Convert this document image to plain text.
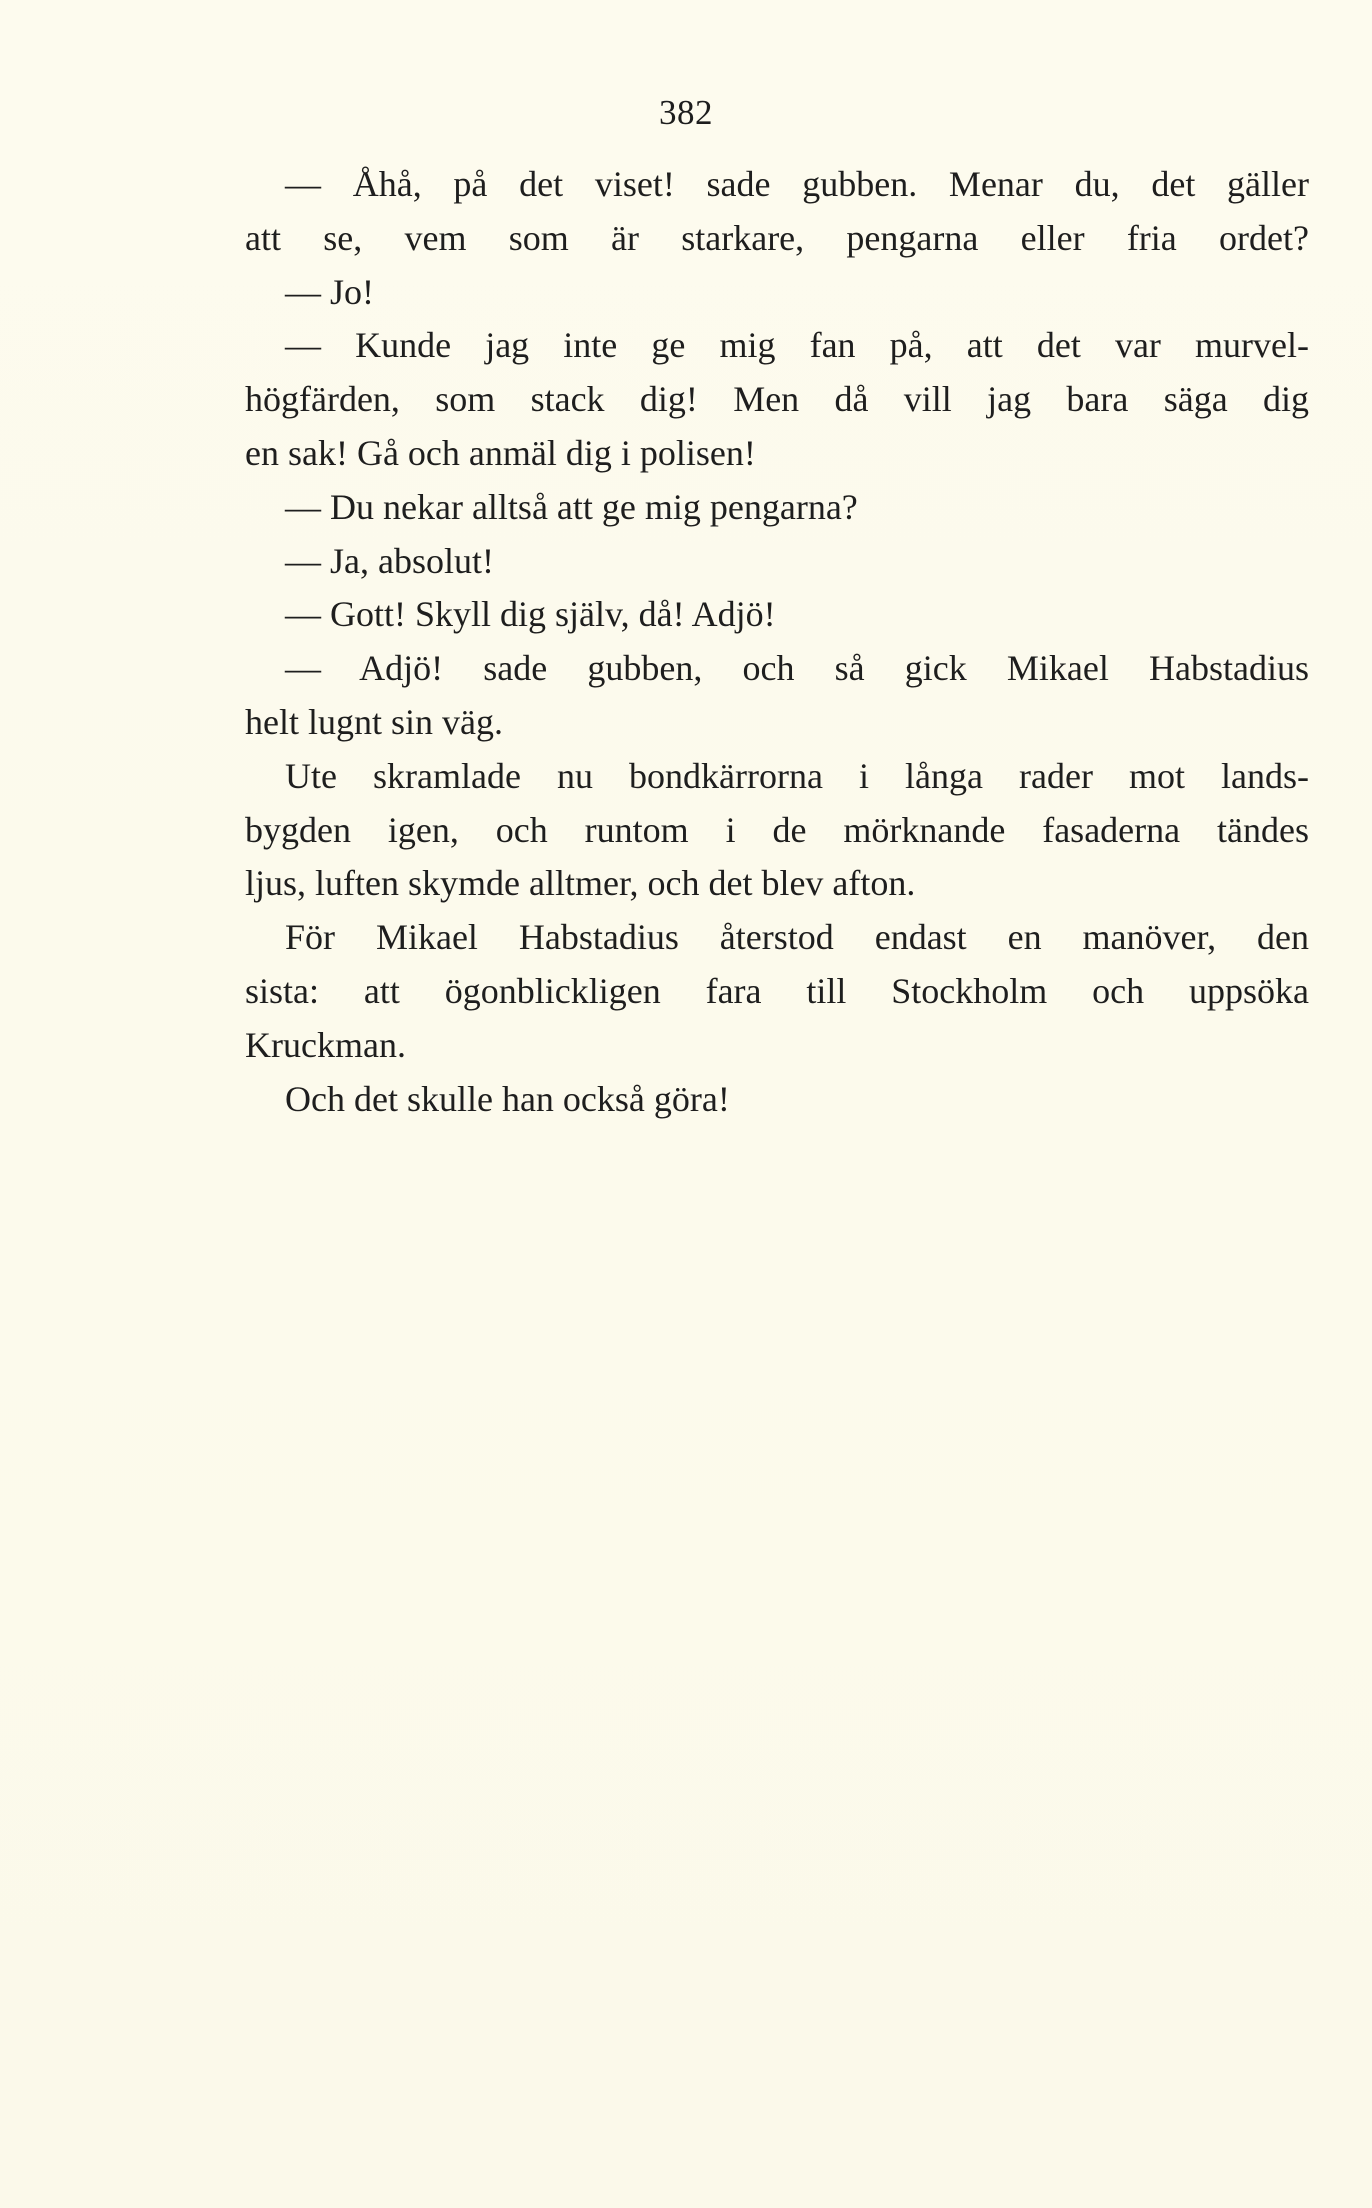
382
— Åhå, på det viset! sade gubben. Menar du, det gäller
att se, vem som är starkare, pengarna eller fria ordet?
— Jo!
— Kunde jag inte ge mig fan på, att det var murvel-
högfärden, som stack dig! Men då vill jag bara säga dig
en sak! Gå och anmäl dig i polisen!
— Du nekar alltså att ge mig pengarna?
— Ja, absolut!
— Gott! Skyll dig själv, då! Adjö!
— Adjö! sade gubben, och så gick Mikael Habstadius
helt lugnt sin väg.
Ute skramlade nu bondkärrorna i långa rader mot lands-
bygden igen, och runtom i de mörknande fasaderna tändes
ljus, luften skymde alltmer, och det blev afton.
För Mikael Habstadius återstod endast en manöver, den
sista: att ögonblickligen fara till Stockholm och uppsöka
Kruckman.
Och det skulle han också göra!
